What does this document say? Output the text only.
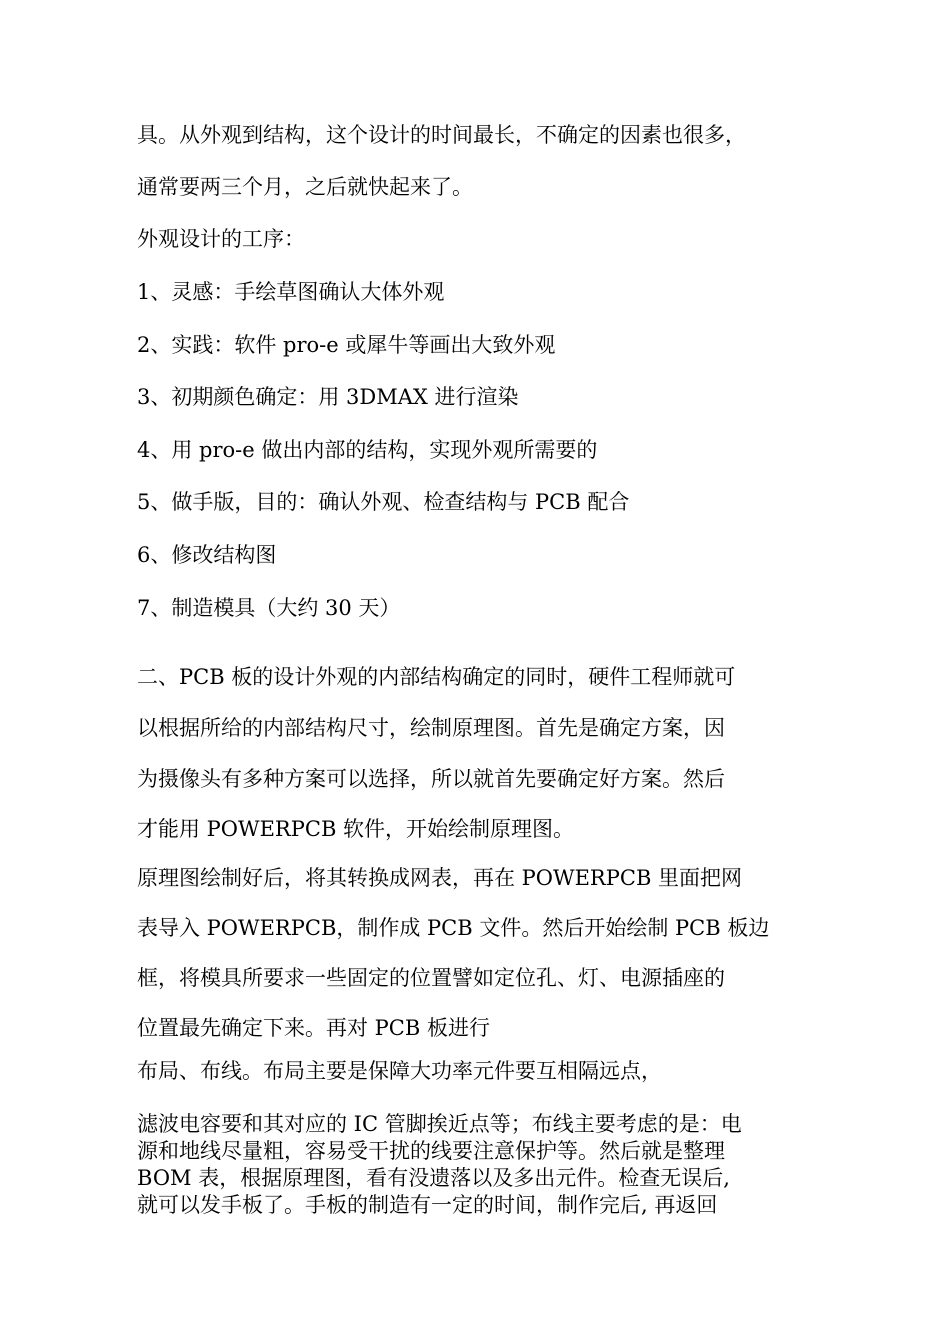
具。从外观到结构，这个设计的时间最长，不确定的因素也很多，

通常要两三个月，之后就快起来了。

外观设计的工序：

1、灵感：手绘草图确认大体外观

2、实践：软件 pro-e 或犀牛等画出大致外观

3、初期颜色确定：用 3DMAX 进行渲染

4、用 pro-e 做出内部的结构，实现外观所需要的

5、做手版，目的：确认外观、检查结构与 PCB 配合

6、修改结构图

7、制造模具（大约 30 天）

二、PCB 板的设计外观的内部结构确定的同时，硬件工程师就可

以根据所给的内部结构尺寸，绘制原理图。首先是确定方案，因

为摄像头有多种方案可以选择，所以就首先要确定好方案。然后

才能用 POWERPCB 软件，开始绘制原理图。

原理图绘制好后，将其转换成网表，再在 POWERPCB 里面把网

表导入 POWERPCB，制作成 PCB 文件。然后开始绘制 PCB 板边

框，将模具所要求一些固定的位置譬如定位孔、灯、电源插座的

位置最先确定下来。再对 PCB 板进行

布局、布线。布局主要是保障大功率元件要互相隔远点，

滤波电容要和其对应的 IC 管脚挨近点等；布线主要考虑的是：电

源和地线尽量粗，容易受干扰的线要注意保护等。然后就是整理

BOM 表，根据原理图，看有没遗落以及多出元件。检查无误后,

就可以发手板了。手板的制造有一定的时间，制作完后, 再返回
